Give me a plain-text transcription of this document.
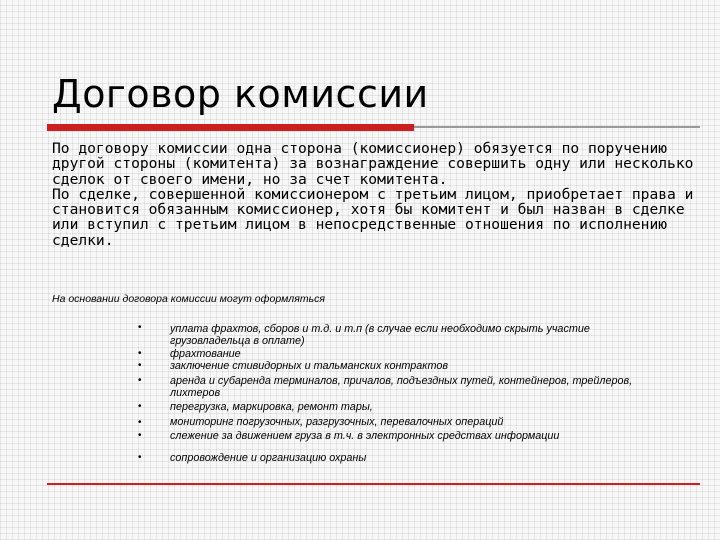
Договор комиссии

По договору комиссии одна сторона (комиссионер) обязуется по поручению другой стороны (комитента) за вознаграждение совершить одну или несколько сделок от своего имени, но за счет комитента.

По сделке, совершенной комиссионером с третьим лицом, приобретает права и становится обязанным комиссионер, хотя бы комитент и был назван в сделке или вступил с третьим лицом в непосредственные отношения по исполнению сделки.

На основании договора комиссии могут оформляться
•	уплата фрахтов, сборов и т.д. и т.п (в случае если необходимо скрыть участие грузовладельца в оплате)
•	фрахтование
•	заключение стивидорных и тальманских контрактов
•	аренда и субаренда терминалов, причалов, подъездных путей, контейнеров, трейлеров, лихтеров
•	перегрузка, маркировка, ремонт тары,
•	мониторинг погрузочных, разгрузочных, перевалочных операций
•	слежение за движением груза в т.ч. в электронных средствах информации
•	сопровождение и организацию охраны
